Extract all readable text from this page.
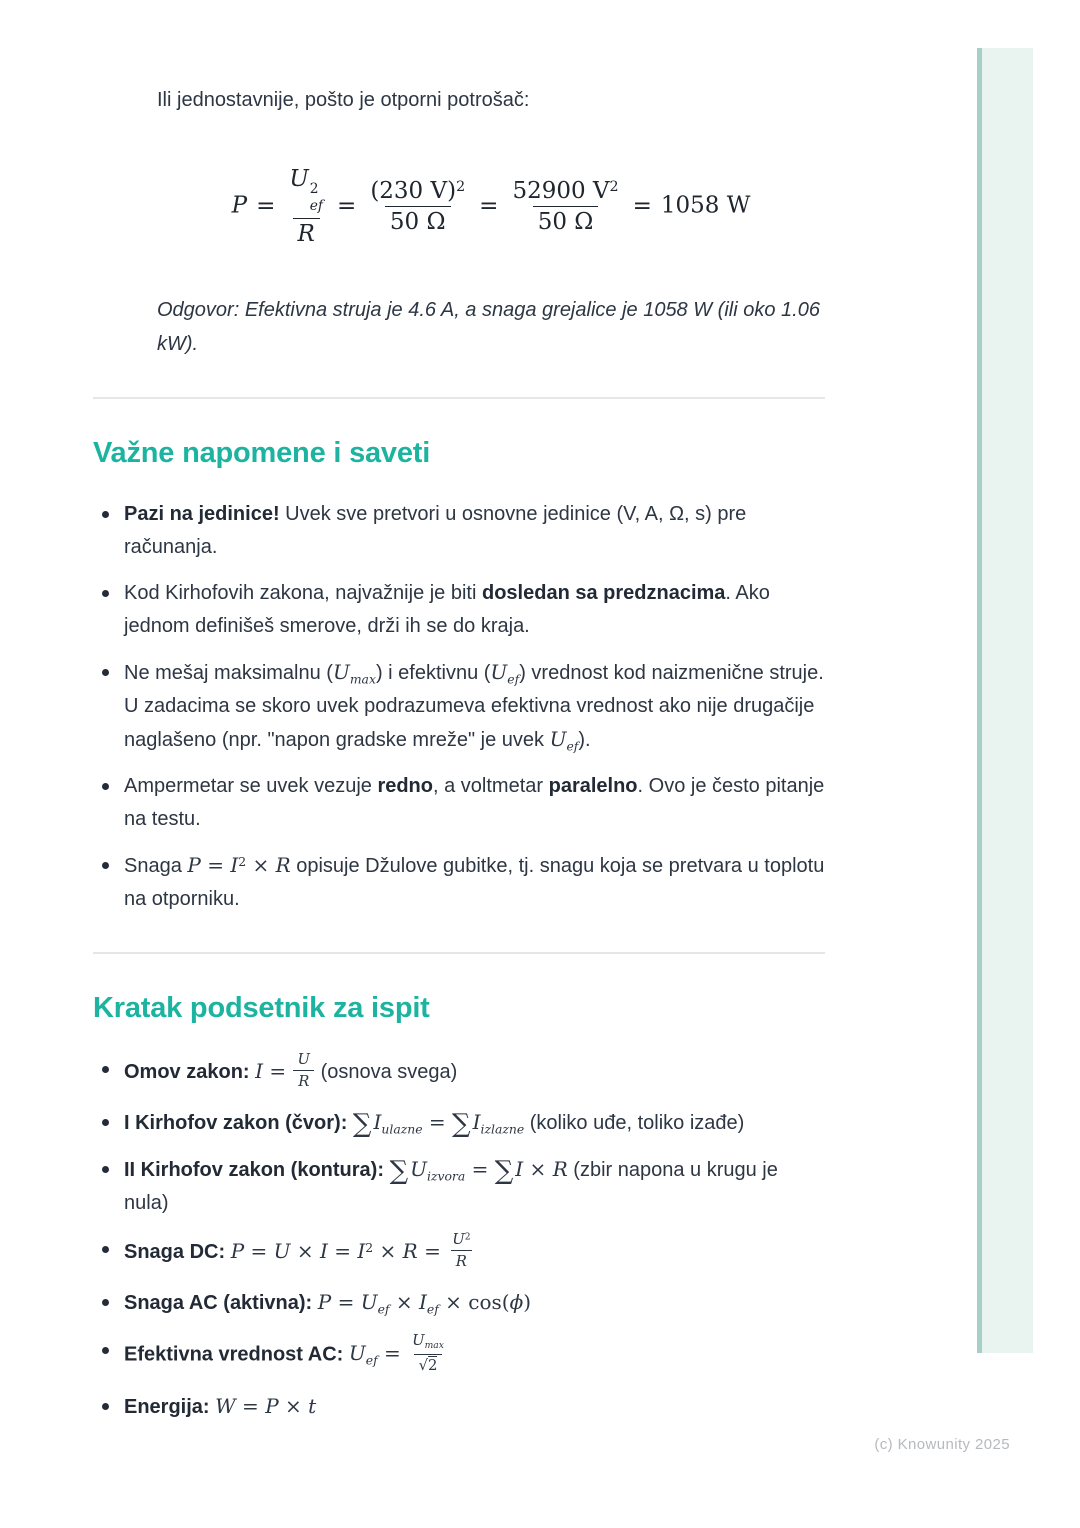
Ili jednostavnije, pošto je otporni potrošač:

P = U 2
ef
$R = \frac{(230 V)^2}{50 \Omega} = \frac{52900 V^2}{50 \Omega} = 1058$ W

Odgovor: Efektivna struja je 4.6 A, a snaga grejalice je 1058 W (ili oko 1.06 kW).

Važne napomene i saveti
Pazi na jedinice! Uvek sve pretvori u osnovne jedinice (V, A, Ω, s) pre računanja.
Kod Kirhofovih zakona, najvažnije je biti dosledan sa predznacima. Ako jednom definišeš smerove, drži ih se do kraja.
Ne mešaj maksimalnu $(U_{max})$ i efektivnu $(U_{ef})$ vrednost kod naizmenične struje. U zadacima se skoro uvek podrazumeva efektivna vrednost ako nije drugačije naglašeno (npr. "napon gradske mreže" je uvek $U_{ef}$).
Ampermetar se uvek vezuje redno, a voltmetar paralelno. Ovo je često pitanje na testu.
Snaga $P = I^2 \times R$ opisuje Džulove gubitke, tj. snagu koja se pretvara u toplotu na otporniku.
Kratak podsetnik za ispit
Omov zakon: $I = \frac{U}{R}$ (osnova svega)
I Kirhofov zakon (čvor): ∑ $I_{ulazne}$ = ∑ $I_{izlazne}$ (koliko uđe, toliko izađe)
II Kirhofov zakon (kontura): ∑ $U_{izvora}$ = ∑ I × R (zbir napona u krugu je nula)
Snaga DC: $P = U \times I = I^2 \times R = \frac{U^2}{R}$
Snaga AC (aktivna): $P = U_{ef} \times I_{ef} \times \cos(\phi)$
Efektivna vrednost AC: $U_{ef} = \frac{U_{max}}{√2}$
Energija: W = P × t
(c) Knowunity 2025
